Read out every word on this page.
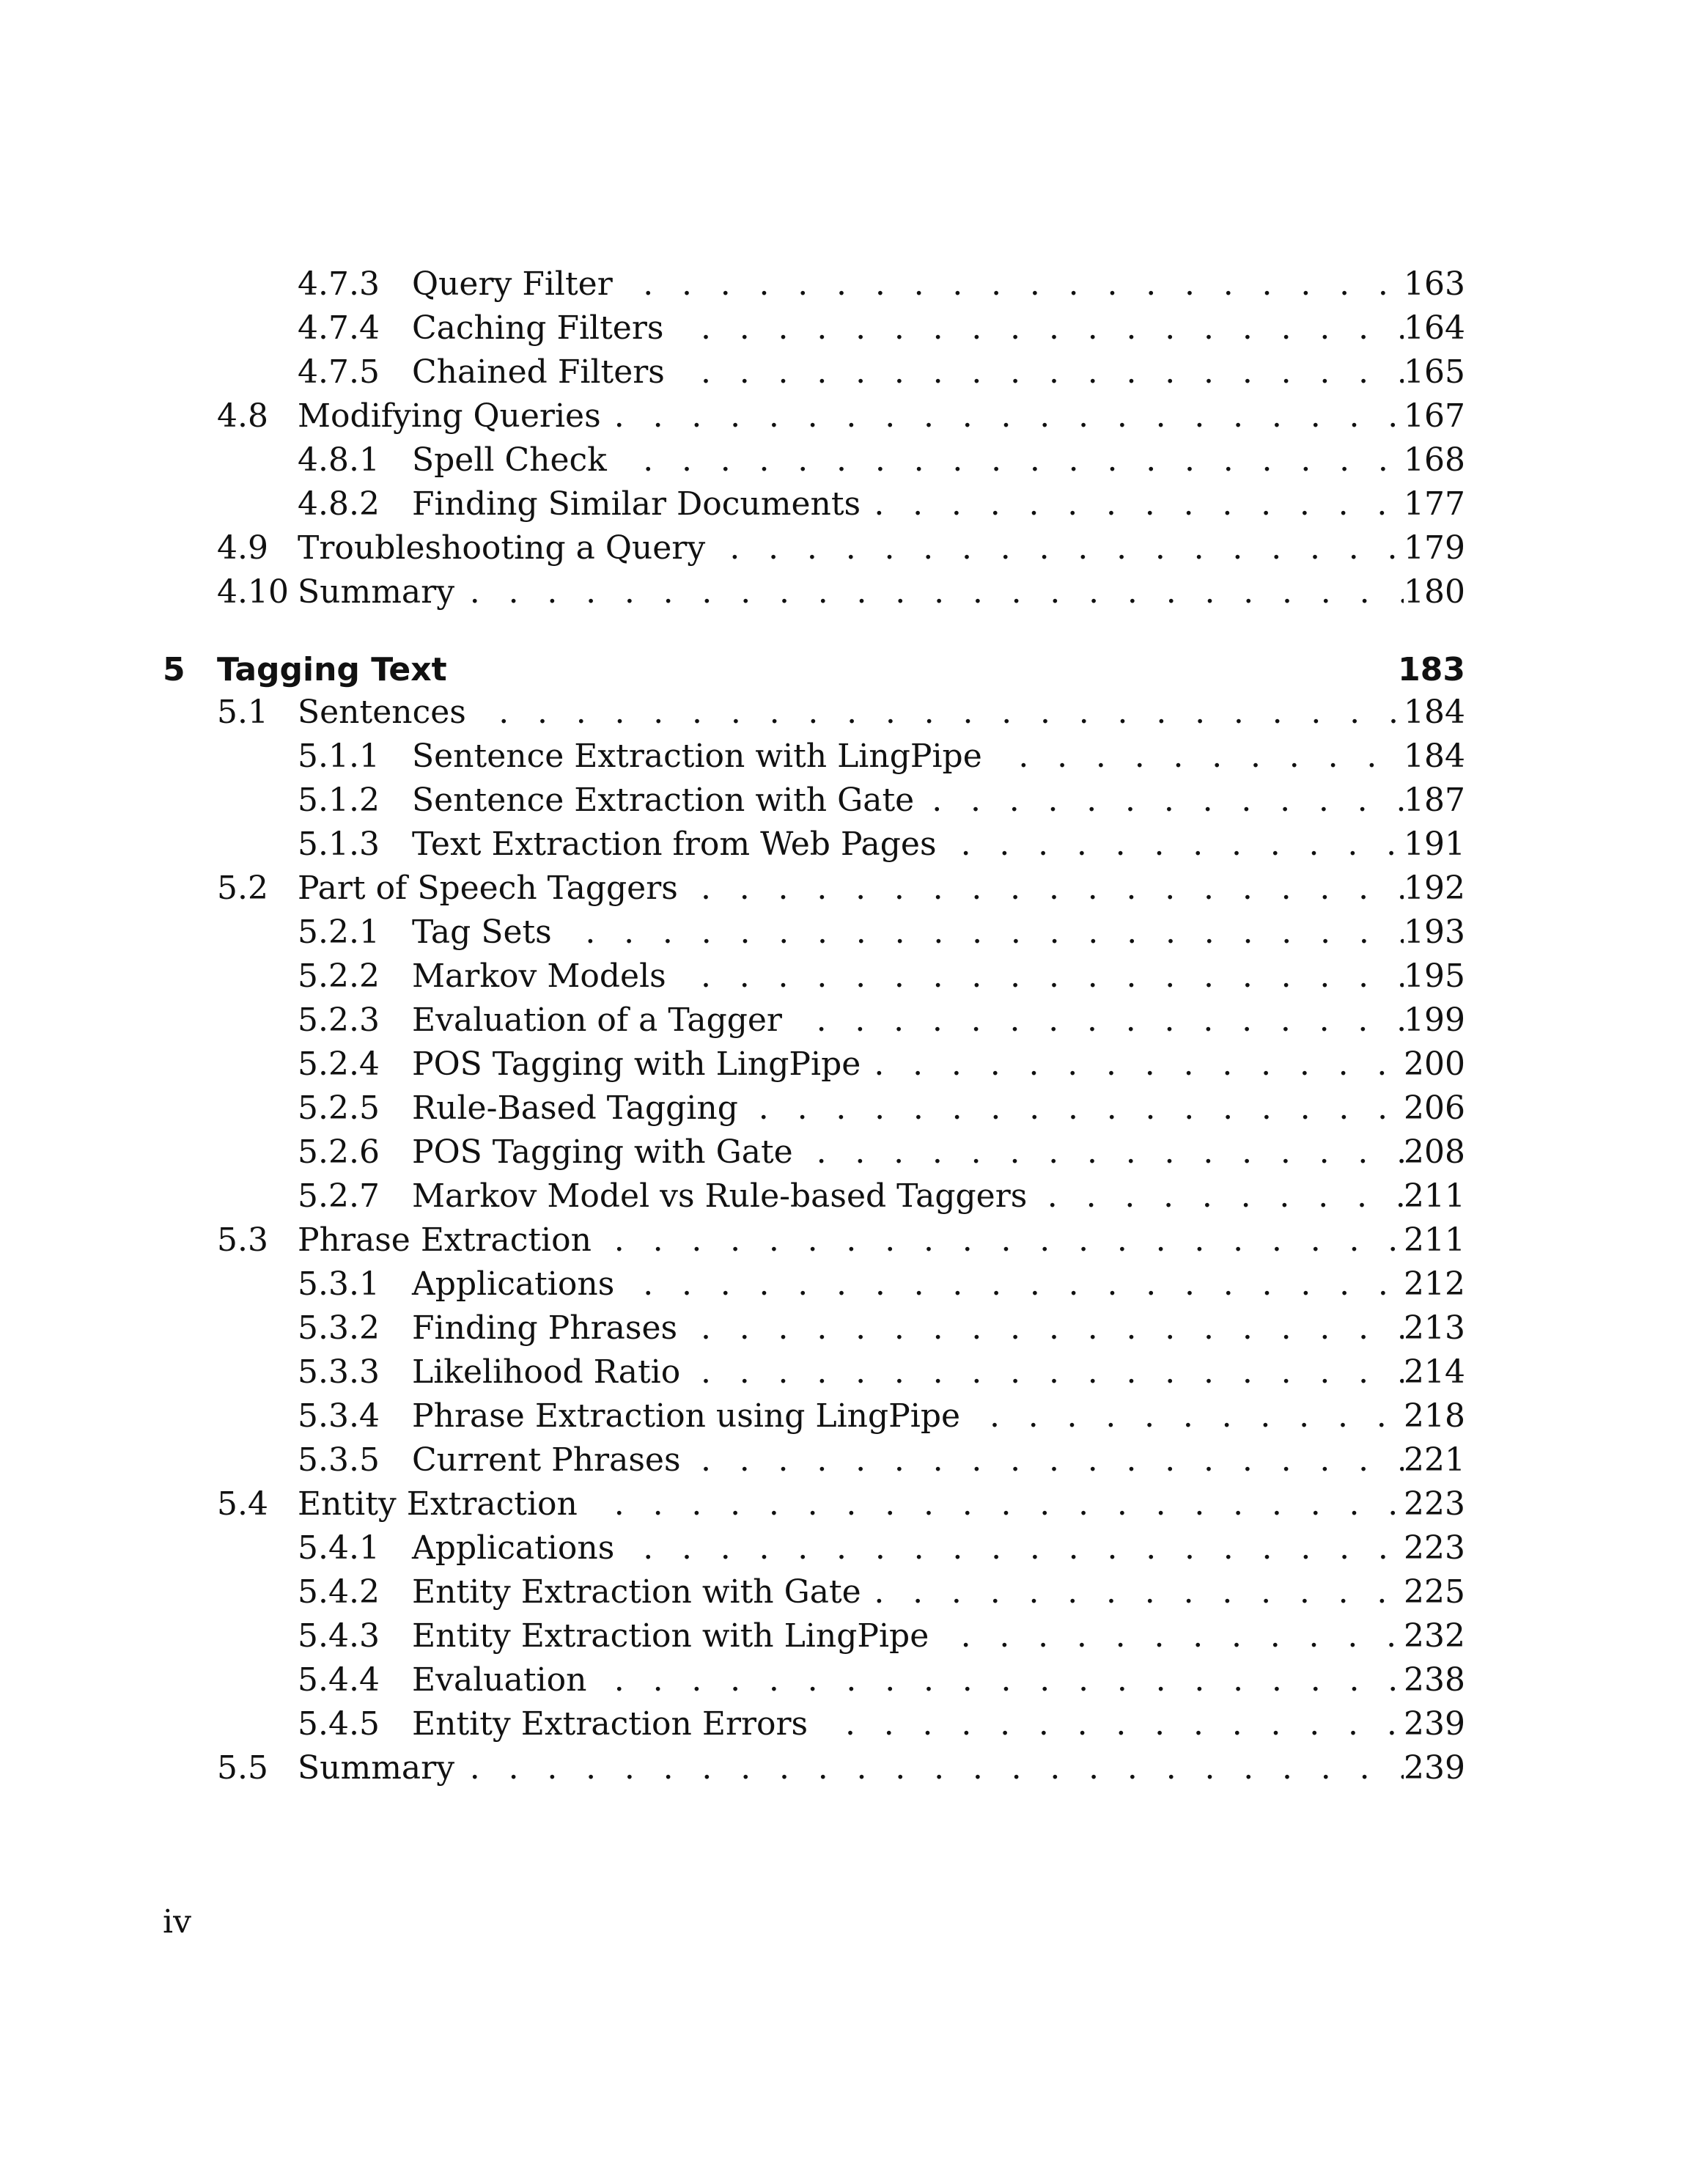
4.7.3 . . . Query Filter	163
4.7.4 . . . Caching Filters	164
4.7.5 . . . Chained Filters	165
4.8 . . . Modifying Queries	167
4.8.1 . . . Spell Check	168
4.8.2 . . . Finding Similar Documents	177
4.9 . . . Troubleshooting a Query	179
4.10 . . . Summary	180
5 Tagging Text	183
5.1 . . . Sentences	184
5.1.1 . . . Sentence Extraction with LingPipe	184
5.1.2 . . . Sentence Extraction with Gate	187
5.1.3 . . . Text Extraction from Web Pages	191
5.2 . . . Part of Speech Taggers	192
5.2.1 . . . Tag Sets	193
5.2.2 . . . Markov Models	195
5.2.3 . . . Evaluation of a Tagger	199
5.2.4 . . . POS Tagging with LingPipe	200
5.2.5 . . . Rule-Based Tagging	206
5.2.6 . . . POS Tagging with Gate	208
5.2.7 . . . Markov Model vs Rule-based Taggers	211
5.3 . . . Phrase Extraction	211
5.3.1 . . . Applications	212
5.3.2 . . . Finding Phrases	213
5.3.3 . . . Likelihood Ratio	214
5.3.4 . . . Phrase Extraction using LingPipe	218
5.3.5 . . . Current Phrases	221
5.4 . . . Entity Extraction	223
5.4.1 . . . Applications	223
5.4.2 . . . Entity Extraction with Gate	225
5.4.3 . . . Entity Extraction with LingPipe	232
5.4.4 . . . Evaluation	238
5.4.5 . . . Entity Extraction Errors	239
5.5 . . . Summary	239
iv
